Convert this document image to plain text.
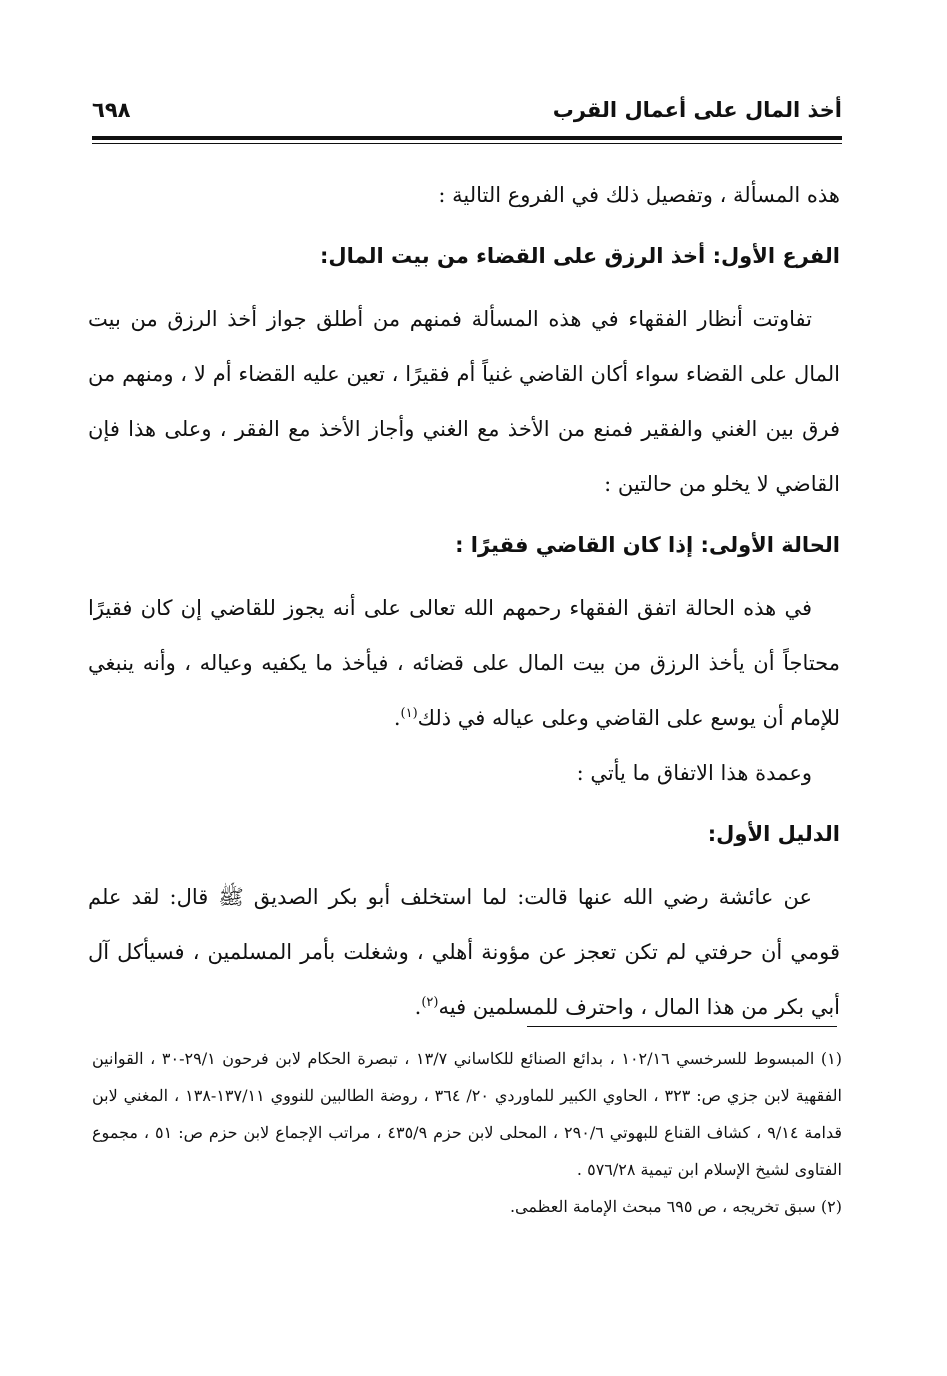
أخذ المال على أعمال القرب
٦٩٨

هذه المسألة ، وتفصيل ذلك في الفروع التالية :

الفرع الأول: أخذ الرزق على القضاء من بيت المال:

تفاوتت أنظار الفقهاء في هذه المسألة فمنهم من أطلق جواز أخذ الرزق من بيت المال على القضاء سواء أكان القاضي غنياً أم فقيرًا ، تعين عليه القضاء أم لا ، ومنهم من فرق بين الغني والفقير فمنع من الأخذ مع الغني وأجاز الأخذ مع الفقر ، وعلى هذا فإن القاضي لا يخلو من حالتين :

الحالة الأولى: إذا كان القاضي فقيرًا :

في هذه الحالة اتفق الفقهاء رحمهم الله تعالى على أنه يجوز للقاضي إن كان فقيرًا محتاجاً أن يأخذ الرزق من بيت المال على قضائه ، فيأخذ ما يكفيه وعياله ، وأنه ينبغي للإمام أن يوسع على القاضي وعلى عياله في ذلك$^{(١)}$.

وعمدة هذا الاتفاق ما يأتي :

الدليل الأول:

عن عائشة رضي الله عنها قالت: لما استخلف أبو بكر الصديق ﷺ قال: لقد علم قومي أن حرفتي لم تكن تعجز عن مؤونة أهلي ، وشغلت بأمر المسلمين ، فسيأكل آل أبي بكر من هذا المال ، واحترف للمسلمين فيه$^{(٢)}$.

(١) المبسوط للسرخسي ١٠٢/١٦ ، بدائع الصنائع للكاساني ١٣/٧ ، تبصرة الحكام لابن فرحون ٢٩/١-٣٠ ، القوانين الفقهية لابن جزي ص: ٣٢٣ ، الحاوي الكبير للماوردي ٢٠/ ٣٦٤ ، روضة الطالبين للنووي ١٣٧/١١-١٣٨ ، المغني لابن قدامة ٩/١٤ ، كشاف القناع للبهوتي ٢٩٠/٦ ، المحلى لابن حزم ٤٣٥/٩ ، مراتب الإجماع لابن حزم ص: ٥١ ، مجموع الفتاوى لشيخ الإسلام ابن تيمية ٥٧٦/٢٨ .

(٢) سبق تخريجه ، ص ٦٩٥ مبحث الإمامة العظمى.
